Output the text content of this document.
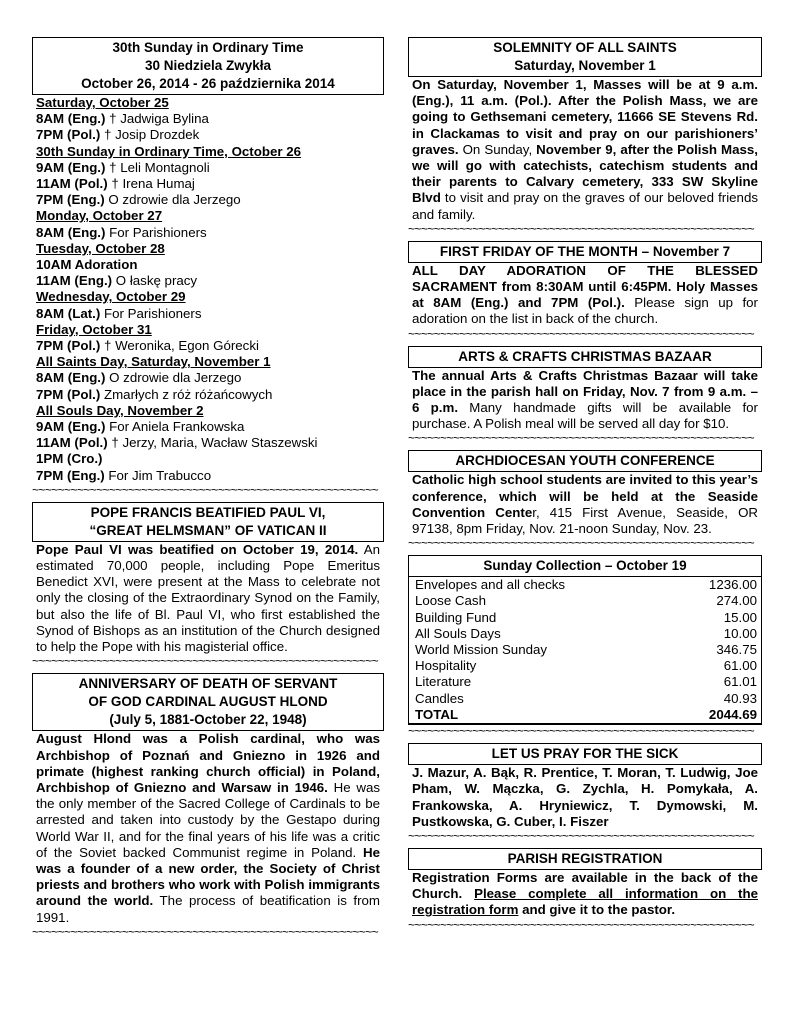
30th Sunday in Ordinary Time
30 Niedziela Zwykła
October 26, 2014 - 26 października 2014
Saturday, October 25
8AM (Eng.) † Jadwiga Bylina
7PM (Pol.) † Josip Drozdek
30th Sunday in Ordinary Time, October 26
9AM (Eng.) † Leli Montagnoli
11AM (Pol.) † Irena Humaj
7PM (Eng.) O zdrowie dla Jerzego
Monday, October 27
8AM (Eng.) For Parishioners
Tuesday, October 28
10AM Adoration
11AM (Eng.) O łaskę pracy
Wednesday, October 29
8AM (Lat.) For Parishioners
Friday, October 31
7PM (Pol.) † Weronika, Egon Górecki
All Saints Day, Saturday, November 1
8AM (Eng.) O zdrowie dla Jerzego
7PM (Pol.) Zmarłych z róż różańcowych
All Souls Day, November 2
9AM (Eng.) For Aniela Frankowska
11AM (Pol.) † Jerzy, Maria, Wacław Staszewski
1PM (Cro.)
7PM (Eng.) For Jim Trabucco
~~~~~~~~~~~~~~~~~~~~~~~~~~~~~~~~~~~~~~~~~~~~~~~~~~~~~~
POPE FRANCIS BEATIFIED PAUL VI,
“GREAT HELMSMAN” OF VATICAN II
Pope Paul VI was beatified on October 19, 2014. An estimated 70,000 people, including Pope Emeritus Benedict XVI, were present at the Mass to celebrate not only the closing of the Extraordinary Synod on the Family, but also the life of Bl. Paul VI, who first established the Synod of Bishops as an institution of the Church designed to help the Pope with his magisterial office.
~~~~~~~~~~~~~~~~~~~~~~~~~~~~~~~~~~~~~~~~~~~~~~~~~~~~~~
ANNIVERSARY OF DEATH OF SERVANT
OF GOD CARDINAL AUGUST HLOND
(July 5, 1881-October 22, 1948)
August Hlond was a Polish cardinal, who was Archbishop of Poznań and Gniezno in 1926 and primate (highest ranking church official) in Poland, Archbishop of Gniezno and Warsaw in 1946. He was the only member of the Sacred College of Cardinals to be arrested and taken into custody by the Gestapo during World War II, and for the final years of his life was a critic of the Soviet backed Communist regime in Poland. He was a founder of a new order, the Society of Christ priests and brothers who work with Polish immigrants around the world. The process of beatification is from 1991.
~~~~~~~~~~~~~~~~~~~~~~~~~~~~~~~~~~~~~~~~~~~~~~~~~~~~~~
SOLEMNITY OF ALL SAINTS
Saturday, November 1
On Saturday, November 1, Masses will be at 9 a.m. (Eng.), 11 a.m. (Pol.). After the Polish Mass, we are going to Gethsemani cemetery, 11666 SE Stevens Rd. in Clackamas to visit and pray on our parishioners’ graves. On Sunday, November 9, after the Polish Mass, we will go with catechists, catechism students and their parents to Calvary cemetery, 333 SW Skyline Blvd to visit and pray on the graves of our beloved friends and family.
~~~~~~~~~~~~~~~~~~~~~~~~~~~~~~~~~~~~~~~~~~~~~~~~~~~~~~
FIRST FRIDAY OF THE MONTH – November 7
ALL DAY ADORATION OF THE BLESSED SACRAMENT from 8:30AM until 6:45PM. Holy Masses at 8AM (Eng.) and 7PM (Pol.). Please sign up for adoration on the list in back of the church.
~~~~~~~~~~~~~~~~~~~~~~~~~~~~~~~~~~~~~~~~~~~~~~~~~~~~~~
ARTS & CRAFTS CHRISTMAS BAZAAR
The annual Arts & Crafts Christmas Bazaar will take place in the parish hall on Friday, Nov. 7 from 9 a.m. – 6 p.m. Many handmade gifts will be available for purchase. A Polish meal will be served all day for $10.
~~~~~~~~~~~~~~~~~~~~~~~~~~~~~~~~~~~~~~~~~~~~~~~~~~~~~~
ARCHDIOCESAN YOUTH CONFERENCE
Catholic high school students are invited to this year’s conference, which will be held at the Seaside Convention Center, 415 First Avenue, Seaside, OR 97138, 8pm Friday, Nov. 21-noon Sunday, Nov. 23.
~~~~~~~~~~~~~~~~~~~~~~~~~~~~~~~~~~~~~~~~~~~~~~~~~~~~~~
Sunday Collection – October 19
Envelopes and all checks	1236.00
Loose Cash	274.00
Building Fund	15.00
All Souls Days	10.00
World Mission Sunday	346.75
Hospitality	61.00
Literature	61.01
Candles	40.93
TOTAL	2044.69
~~~~~~~~~~~~~~~~~~~~~~~~~~~~~~~~~~~~~~~~~~~~~~~~~~~~~~
LET US PRAY FOR THE SICK
J. Mazur, A. Bąk, R. Prentice, T. Moran, T. Ludwig, Joe Pham, W. Mączka, G. Zychla, H. Pomykała, A. Frankowska, A. Hryniewicz, T. Dymowski, M. Pustkowska, G. Cuber, I. Fiszer
~~~~~~~~~~~~~~~~~~~~~~~~~~~~~~~~~~~~~~~~~~~~~~~~~~~~~~
PARISH REGISTRATION
Registration Forms are available in the back of the Church. Please complete all information on the registration form and give it to the pastor.
~~~~~~~~~~~~~~~~~~~~~~~~~~~~~~~~~~~~~~~~~~~~~~~~~~~~~~
